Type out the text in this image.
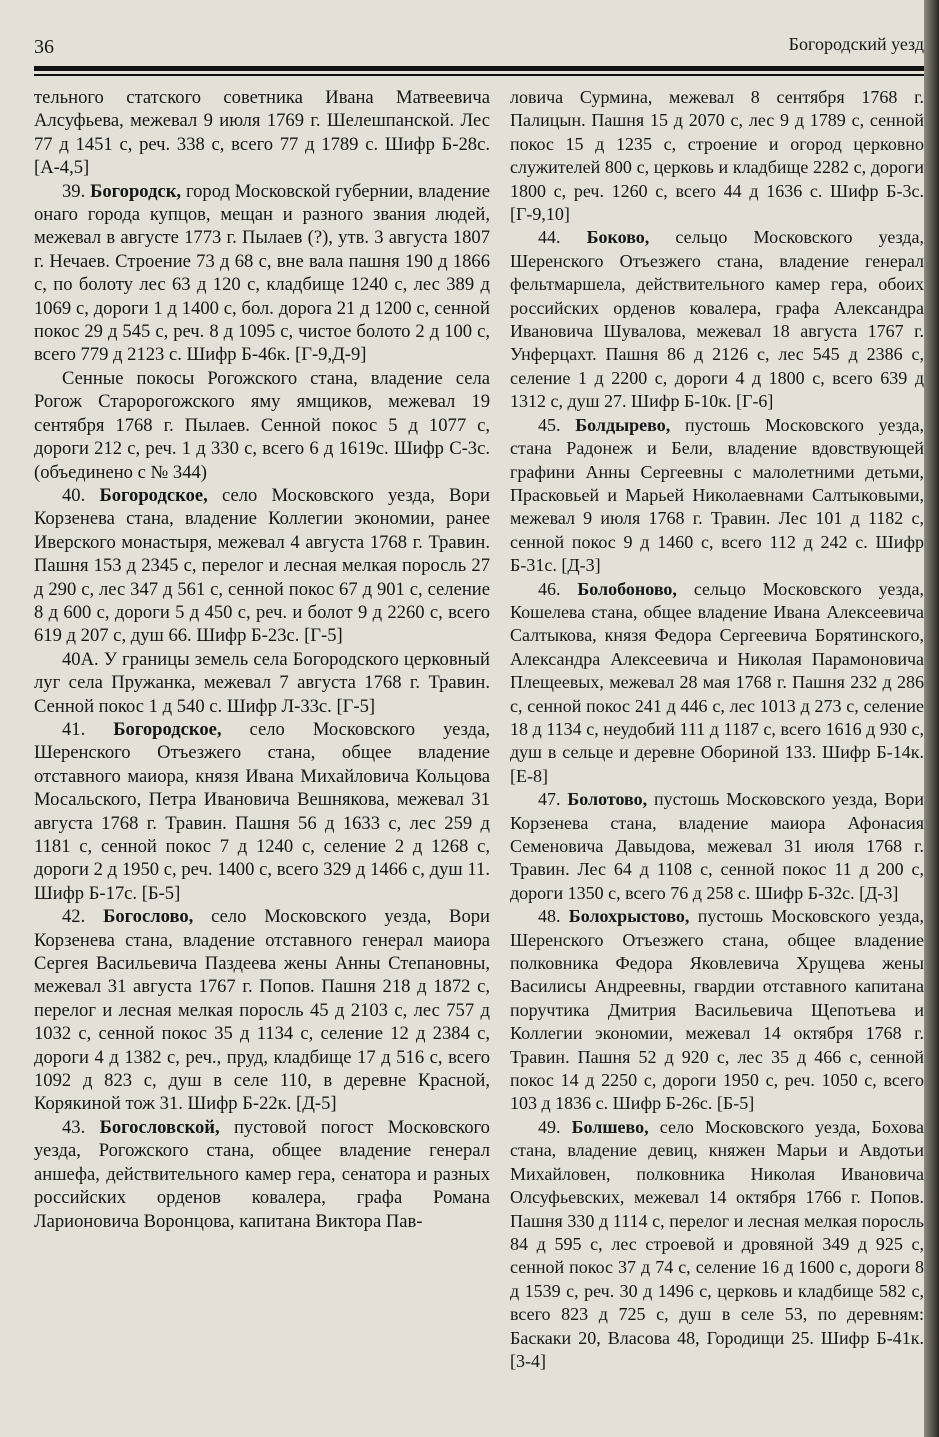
36	Богородский уезд

тельного статского советника Ивана Матвеевича Алсуфьева, межевал 9 июля 1769 г. Шелешпанской. Лес 77 д 1451 с, реч. 338 с, всего 77 д 1789 с. Шифр Б-28с. [А-4,5]

39. Богородск, город Московской губернии, владение онаго города купцов, мещан и разного звания людей, межевал в августе 1773 г. Пылаев (?), утв. 3 августа 1807 г. Нечаев. Строение 73 д 68 с, вне вала пашня 190 д 1866 с, по болоту лес 63 д 120 с, кладбище 1240 с, лес 389 д 1069 с, дороги 1 д 1400 с, бол. дорога 21 д 1200 с, сенной покос 29 д 545 с, реч. 8 д 1095 с, чистое болото 2 д 100 с, всего 779 д 2123 с. Шифр Б-46к. [Г-9,Д-9]

Сенные покосы Рогожского стана, владение села Рогож Старорогожского яму ямщиков, межевал 19 сентября 1768 г. Пылаев. Сенной покос 5 д 1077 с, дороги 212 с, реч. 1 д 330 с, всего 6 д 1619с. Шифр С-3с. (объединено с № 344)

40. Богородское, село Московского уезда, Вори Корзенева стана, владение Коллегии экономии, ранее Иверского монастыря, межевал 4 августа 1768 г. Травин. Пашня 153 д 2345 с, перелог и лесная мелкая поросль 27 д 290 с, лес 347 д 561 с, сенной покос 67 д 901 с, селение 8 д 600 с, дороги 5 д 450 с, реч. и болот 9 д 2260 с, всего 619 д 207 с, душ 66. Шифр Б-23с. [Г-5]

40А. У границы земель села Богородского церковный луг села Пружанка, межевал 7 августа 1768 г. Травин. Сенной покос 1 д 540 с. Шифр Л-33с. [Г-5]

41. Богородское, село Московского уезда, Шеренского Отъезжего стана, общее владение отставного маиора, князя Ивана Михайловича Кольцова Мосальского, Петра Ивановича Вешнякова, межевал 31 августа 1768 г. Травин. Пашня 56 д 1633 с, лес 259 д 1181 с, сенной покос 7 д 1240 с, селение 2 д 1268 с, дороги 2 д 1950 с, реч. 1400 с, всего 329 д 1466 с, душ 11. Шифр Б-17с. [Б-5]

42. Богослово, село Московского уезда, Вори Корзенева стана, владение отставного генерал маиора Сергея Васильевича Паздеева жены Анны Степановны, межевал 31 августа 1767 г. Попов. Пашня 218 д 1872 с, перелог и лесная мелкая поросль 45 д 2103 с, лес 757 д 1032 с, сенной покос 35 д 1134 с, селение 12 д 2384 с, дороги 4 д 1382 с, реч., пруд, кладбище 17 д 516 с, всего 1092 д 823 с, душ в селе 110, в деревне Красной, Корякиной тож 31. Шифр Б-22к. [Д-5]

43. Богословской, пустовой погост Московского уезда, Рогожского стана, общее владение генерал аншефа, действительного камер гера, сенатора и разных российских орденов ковалера, графа Романа Ларионовича Воронцова, капитана Виктора Пав-

ловича Сурмина, межевал 8 сентября 1768 г. Палицын. Пашня 15 д 2070 с, лес 9 д 1789 с, сенной покос 15 д 1235 с, строение и огород церковно служителей 800 с, церковь и кладбище 2282 с, дороги 1800 с, реч. 1260 с, всего 44 д 1636 с. Шифр Б-3с. [Г-9,10]

44. Боково, сельцо Московского уезда, Шеренского Отъезжего стана, владение генерал фельтмаршела, действительного камер гера, обоих российских орденов ковалера, графа Александра Ивановича Шувалова, межевал 18 августа 1767 г. Унферцахт. Пашня 86 д 2126 с, лес 545 д 2386 с, селение 1 д 2200 с, дороги 4 д 1800 с, всего 639 д 1312 с, душ 27. Шифр Б-10к. [Г-6]

45. Болдырево, пустошь Московского уезда, стана Радонеж и Бели, владение вдовствующей графини Анны Сергеевны с малолетними детьми, Прасковьей и Марьей Николаевнами Салтыковыми, межевал 9 июля 1768 г. Травин. Лес 101 д 1182 с, сенной покос 9 д 1460 с, всего 112 д 242 с. Шифр Б-31с. [Д-3]

46. Болобоново, сельцо Московского уезда, Кошелева стана, общее владение Ивана Алексеевича Салтыкова, князя Федора Сергеевича Борятинского, Александра Алексеевича и Николая Парамоновича Плещеевых, межевал 28 мая 1768 г. Пашня 232 д 286 с, сенной покос 241 д 446 с, лес 1013 д 273 с, селение 18 д 1134 с, неудобий 111 д 1187 с, всего 1616 д 930 с, душ в сельце и деревне Обориной 133. Шифр Б-14к. [Е-8]

47. Болотово, пустошь Московского уезда, Вори Корзенева стана, владение маиора Афонасия Семеновича Давыдова, межевал 31 июля 1768 г. Травин. Лес 64 д 1108 с, сенной покос 11 д 200 с, дороги 1350 с, всего 76 д 258 с. Шифр Б-32с. [Д-3]

48. Болохрыстово, пустошь Московского уезда, Шеренского Отъезжего стана, общее владение полковника Федора Яковлевича Хрущева жены Василисы Андреевны, гвардии отставного капитана поручтика Дмитрия Васильевича Щепотьева и Коллегии экономии, межевал 14 октября 1768 г. Травин. Пашня 52 д 920 с, лес 35 д 466 с, сенной покос 14 д 2250 с, дороги 1950 с, реч. 1050 с, всего 103 д 1836 с. Шифр Б-26с. [Б-5]

49. Болшево, село Московского уезда, Бохова стана, владение девиц, княжен Марьи и Авдотьи Михайловен, полковника Николая Ивановича Олсуфьевских, межевал 14 октября 1766 г. Попов. Пашня 330 д 1114 с, перелог и лесная мелкая поросль 84 д 595 с, лес строевой и дровяной 349 д 925 с, сенной покос 37 д 74 с, селение 16 д 1600 с, дороги 8 д 1539 с, реч. 30 д 1496 с, церковь и кладбище 582 с, всего 823 д 725 с, душ в селе 53, по деревням: Баскаки 20, Власова 48, Городищи 25. Шифр Б-41к. [3-4]
